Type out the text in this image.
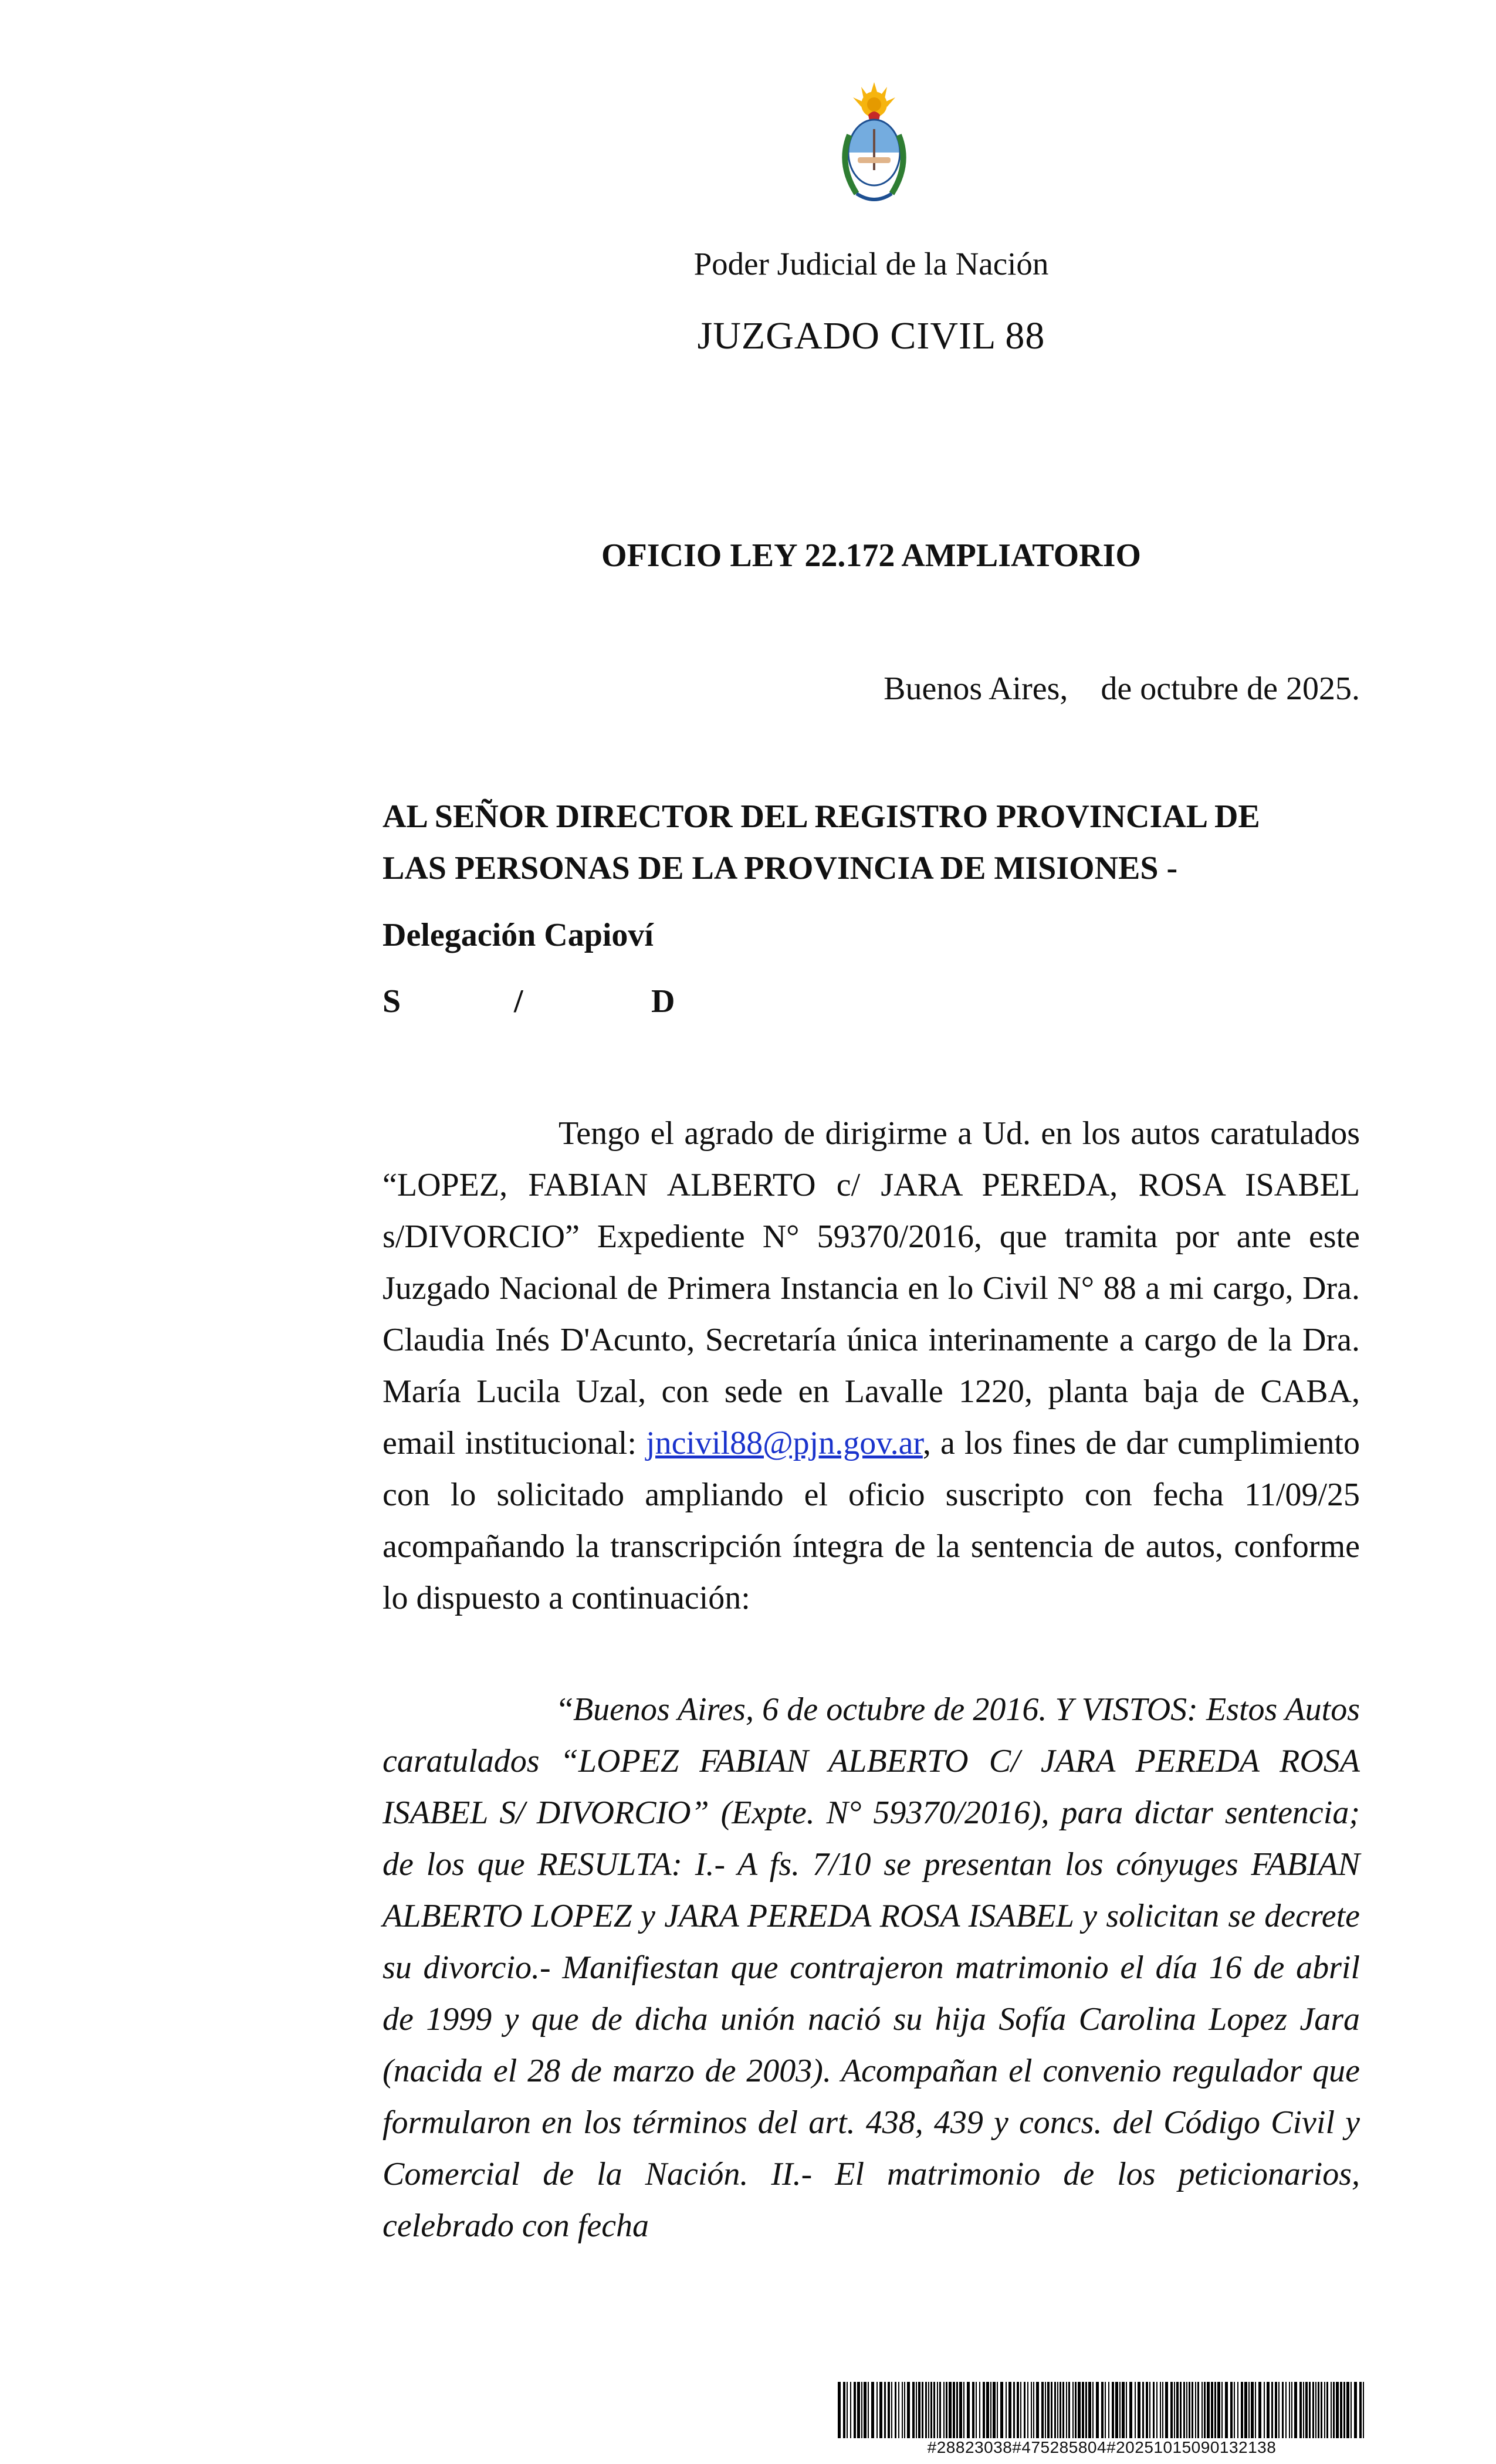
Poder Judicial de la Nación
JUZGADO CIVIL 88
OFICIO LEY 22.172 AMPLIATORIO
Buenos Aires,    de octubre de 2025.
AL SEÑOR DIRECTOR DEL REGISTRO PROVINCIAL DE
LAS PERSONAS DE LA PROVINCIA DE MISIONES -
Delegación Capioví
S	/	D

Tengo el agrado de dirigirme a Ud. en los autos caratulados “LOPEZ, FABIAN ALBERTO c/ JARA PEREDA, ROSA ISABEL s/DIVORCIO” Expediente N° 59370/2016, que tramita por ante este Juzgado Nacional de Primera Instancia en lo Civil N° 88 a mi cargo, Dra. Claudia Inés D'Acunto, Secretaría única interinamente a cargo de la Dra. María Lucila Uzal, con sede en Lavalle 1220, planta baja de CABA, email institucional: jncivil88@pjn.gov.ar, a los fines de dar cumplimiento con lo solicitado ampliando el oficio suscripto con fecha 11/09/25 acompañando la transcripción íntegra de la sentencia de autos, conforme lo dispuesto a continuación:

“Buenos Aires, 6 de octubre de 2016. Y VISTOS: Estos Autos caratulados “LOPEZ FABIAN ALBERTO C/ JARA PEREDA ROSA ISABEL S/ DIVORCIO” (Expte. N° 59370/2016), para dictar sentencia; de los que RESULTA: I.- A fs. 7/10 se presentan los cónyuges FABIAN ALBERTO LOPEZ y JARA PEREDA ROSA ISABEL y solicitan se decrete su divorcio.- Manifiestan que contrajeron matrimonio el día 16 de abril de 1999 y que de dicha unión nació su hija Sofía Carolina Lopez Jara (nacida el 28 de marzo de 2003). Acompañan el convenio regulador que formularon en los términos del art. 438, 439 y concs. del Código Civil y Comercial de la Nación. II.- El matrimonio de los peticionarios, celebrado con fecha

#28823038#475285804#20251015090132138
